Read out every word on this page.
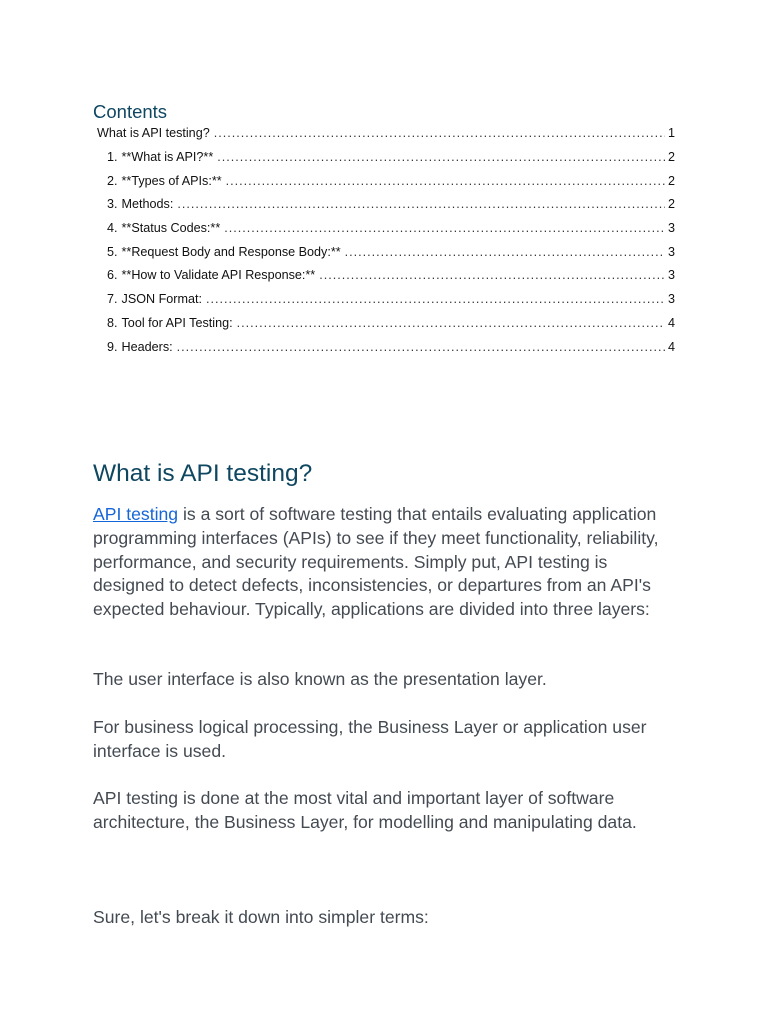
Contents
What is API testing? .....	1
1. **What is API?** .....	2
2. **Types of APIs:** .....	2
3. Methods: .....	2
4. **Status Codes:** .....	3
5. **Request Body and Response Body:** .....	3
6. **How to Validate API Response:** .....	3
7. JSON Format: .....	3
8. Tool for API Testing: .....	4
9. Headers: .....	4
What is API testing?

API testing is a sort of software testing that entails evaluating application programming interfaces (APIs) to see if they meet functionality, reliability, performance, and security requirements. Simply put, API testing is designed to detect defects, inconsistencies, or departures from an API's expected behaviour. Typically, applications are divided into three layers:

The user interface is also known as the presentation layer.

For business logical processing, the Business Layer or application user interface is used.

API testing is done at the most vital and important layer of software architecture, the Business Layer, for modelling and manipulating data.

Sure, let's break it down into simpler terms:
